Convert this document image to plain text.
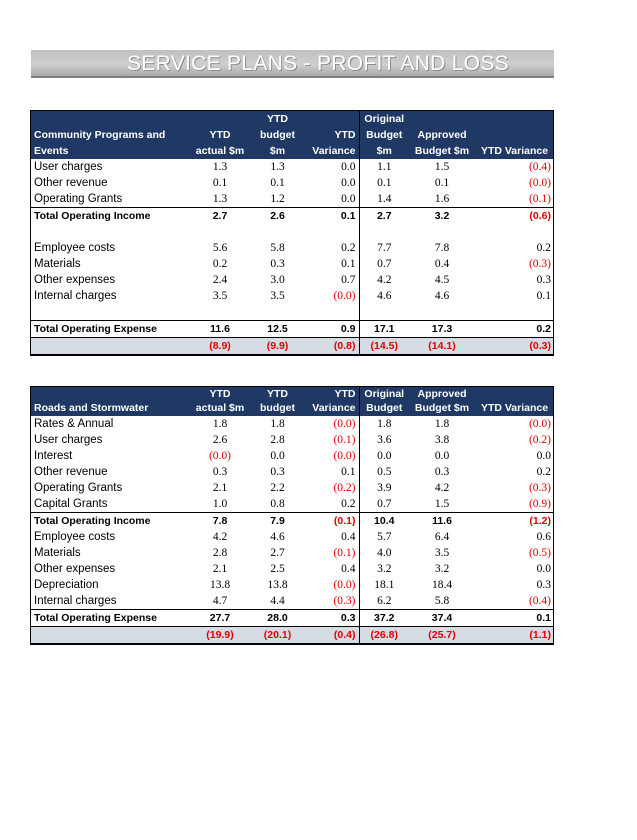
SERVICE PLANS - PROFIT AND LOSS
		YTD		Original		
Community Programs and	YTD	budget	YTD	Budget	Approved	
Events	actual $m	$m	Variance	$m	Budget $m	YTD Variance
User charges	1.3	1.3	0.0	1.1	1.5	(0.4)
Other revenue	0.1	0.1	0.0	0.1	0.1	(0.0)
Operating Grants	1.3	1.2	0.0	1.4	1.6	(0.1)
Total Operating Income	2.7	2.6	0.1	2.7	3.2	(0.6)

Employee costs	5.6	5.8	0.2	7.7	7.8	0.2
Materials	0.2	0.3	0.1	0.7	0.4	(0.3)
Other expenses	2.4	3.0	0.7	4.2	4.5	0.3
Internal charges	3.5	3.5	(0.0)	4.6	4.6	0.1

Total Operating Expense	11.6	12.5	0.9	17.1	17.3	0.2
	(8.9)	(9.9)	(0.8)	(14.5)	(14.1)	(0.3)
	YTD	YTD	YTD	Original	Approved	
Roads and Stormwater	actual $m	budget	Variance	Budget	Budget $m	YTD Variance
Rates & Annual	1.8	1.8	(0.0)	1.8	1.8	(0.0)
User charges	2.6	2.8	(0.1)	3.6	3.8	(0.2)
Interest	(0.0)	0.0	(0.0)	0.0	0.0	0.0
Other revenue	0.3	0.3	0.1	0.5	0.3	0.2
Operating Grants	2.1	2.2	(0.2)	3.9	4.2	(0.3)
Capital Grants	1.0	0.8	0.2	0.7	1.5	(0.9)
Total Operating Income	7.8	7.9	(0.1)	10.4	11.6	(1.2)
Employee costs	4.2	4.6	0.4	5.7	6.4	0.6
Materials	2.8	2.7	(0.1)	4.0	3.5	(0.5)
Other expenses	2.1	2.5	0.4	3.2	3.2	0.0
Depreciation	13.8	13.8	(0.0)	18.1	18.4	0.3
Internal charges	4.7	4.4	(0.3)	6.2	5.8	(0.4)
Total Operating Expense	27.7	28.0	0.3	37.2	37.4	0.1
	(19.9)	(20.1)	(0.4)	(26.8)	(25.7)	(1.1)
